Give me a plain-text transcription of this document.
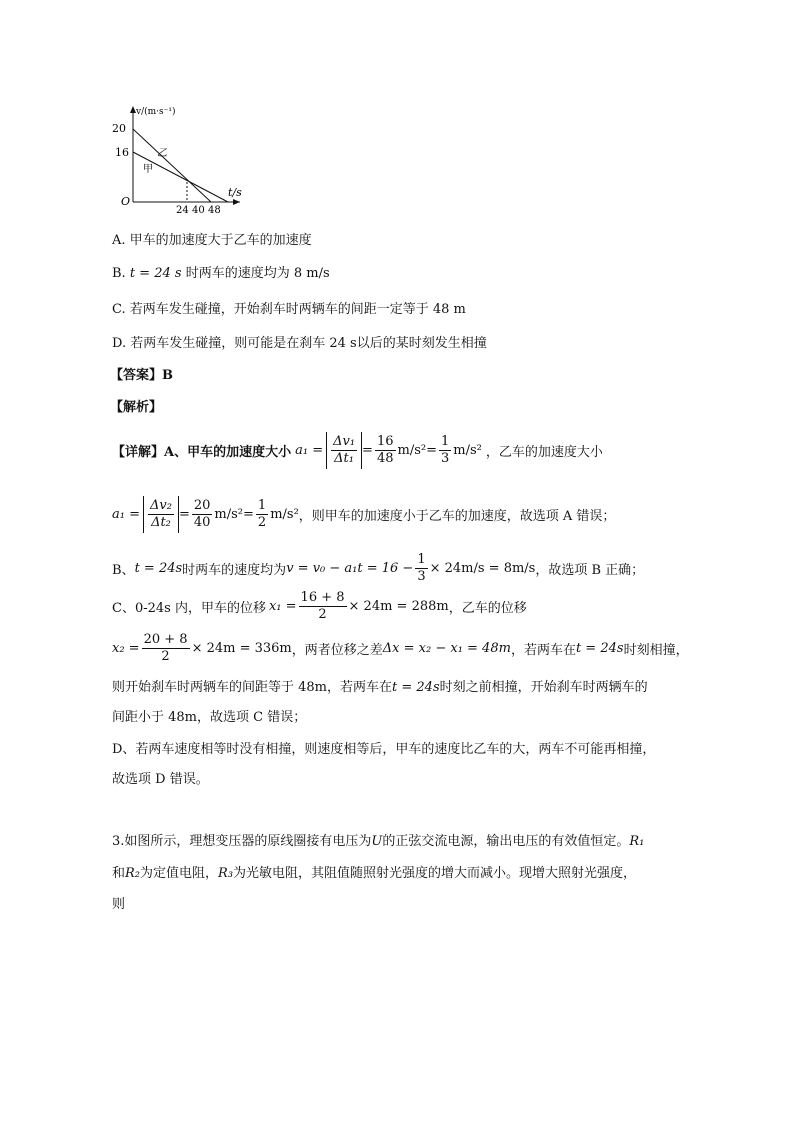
v/(m·s⁻¹)
20
16
O
t/s
24 40 48
乙
甲
A. 甲车的加速度大于乙车的加速度
B. t = 24 s 时两车的速度均为 8 m/s
C. 若两车发生碰撞，开始刹车时两辆车的间距一定等于 48 m
D. 若两车发生碰撞，则可能是在刹车 24 s以后的某时刻发生相撞
【答案】B
【解析】
【详解】A、甲车的加速度大小 $a_1 = \frac{\text{Δv₁}}{\text{Δt₁}} = \frac{16}{48} m/s^2 = \frac{1}{3} m/s^2$ ，乙车的加速度大小
$a_1 = \frac{\text{Δv₂}}{\text{Δt₂}} = \frac{20}{40} m/s^2 = \frac{1}{2} m/s^2$ ，则甲车的加速度小于乙车的加速度，故选项 A 错误；
B、 t = 24s 时两车的速度均为 $v = v_0 - a_1t = 16 - \frac{1}{3} \times 24m/s = 8m/s$ ，故选项 B 正确；
C、0-24s 内，甲车的位移 $x_1 = \frac{16 + 8}{2} \times 24m = 288m$ ，乙车的位移
$x_2 = \frac{20 + 8}{2} \times 24m = 336m$ ，两者位移之差 Δx = x₂ − x₁ = 48m ，若两车在 t = 24s 时刻相撞，
则开始刹车时两辆车的间距等于 48m，若两车在t = 24s时刻之前相撞，开始刹车时两辆车的
间距小于 48m，故选项 C 错误；
D、若两车速度相等时没有相撞，则速度相等后，甲车的速度比乙车的大，两车不可能再相撞，
故选项 D 错误。
3.如图所示，理想变压器的原线圈接有电压为U的正弦交流电源，输出电压的有效值恒定。R₁
和R₂为定值电阻，R₃为光敏电阻，其阻值随照射光强度的增大而减小。现增大照射光强度，
则
